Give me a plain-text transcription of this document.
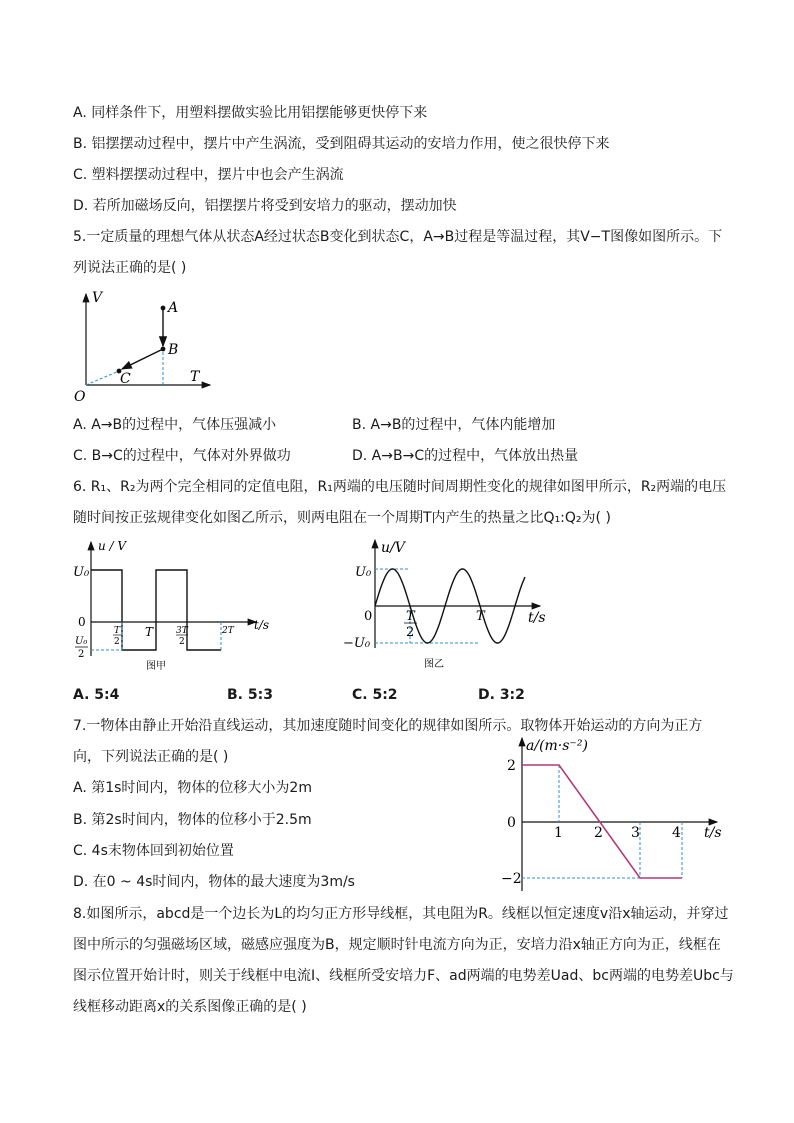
A. 同样条件下，用塑料摆做实验比用铝摆能够更快停下来
B. 铝摆摆动过程中，摆片中产生涡流，受到阻碍其运动的安培力作用，使之很快停下来
C. 塑料摆摆动过程中，摆片中也会产生涡流
D. 若所加磁场反向，铝摆摆片将受到安培力的驱动，摆动加快
5.一定质量的理想气体从状态A经过状态B变化到状态C，A→B过程是等温过程，其V−T图像如图所示。下
列说法正确的是( )
V
T
O
A
B
C
A. A→B的过程中，气体压强减小	B. A→B的过程中，气体内能增加
C. B→C的过程中，气体对外界做功	D. A→B→C的过程中，气体放出热量
6. R₁、R₂为两个完全相同的定值电阻，R₁两端的电压随时间周期性变化的规律如图甲所示，R₂两端的电压
随时间按正弦规律变化如图乙所示，则两电阻在一个周期T内产生的热量之比Q₁:Q₂为( )
u / V
t/s
U₀
0
U₀
2
T
2
T	3T
2
2T
图甲
u/V
t/s
U₀
0
−U₀
T
2
T
图乙
A. 5:4	B. 5:3	C. 5:2	D. 3:2
7.一物体由静止开始沿直线运动，其加速度随时间变化的规律如图所示。取物体开始运动的方向为正方
向，下列说法正确的是( )
A. 第1s时间内，物体的位移大小为2m
B. 第2s时间内，物体的位移小于2.5m
C. 4s末物体回到初始位置
D. 在0 ~ 4s时间内，物体的最大速度为3m/s
a/(m·s⁻²)
t/s
2
0
−2
1 2 3 4
8.如图所示，abcd是一个边长为L的均匀正方形导线框，其电阻为R。线框以恒定速度v沿x轴运动，并穿过
图中所示的匀强磁场区域，磁感应强度为B，规定顺时针电流方向为正，安培力沿x轴正方向为正，线框在
图示位置开始计时，则关于线框中电流I、线框所受安培力F、ad两端的电势差Uad、bc两端的电势差Ubc与
线框移动距离x的关系图像正确的是( )
